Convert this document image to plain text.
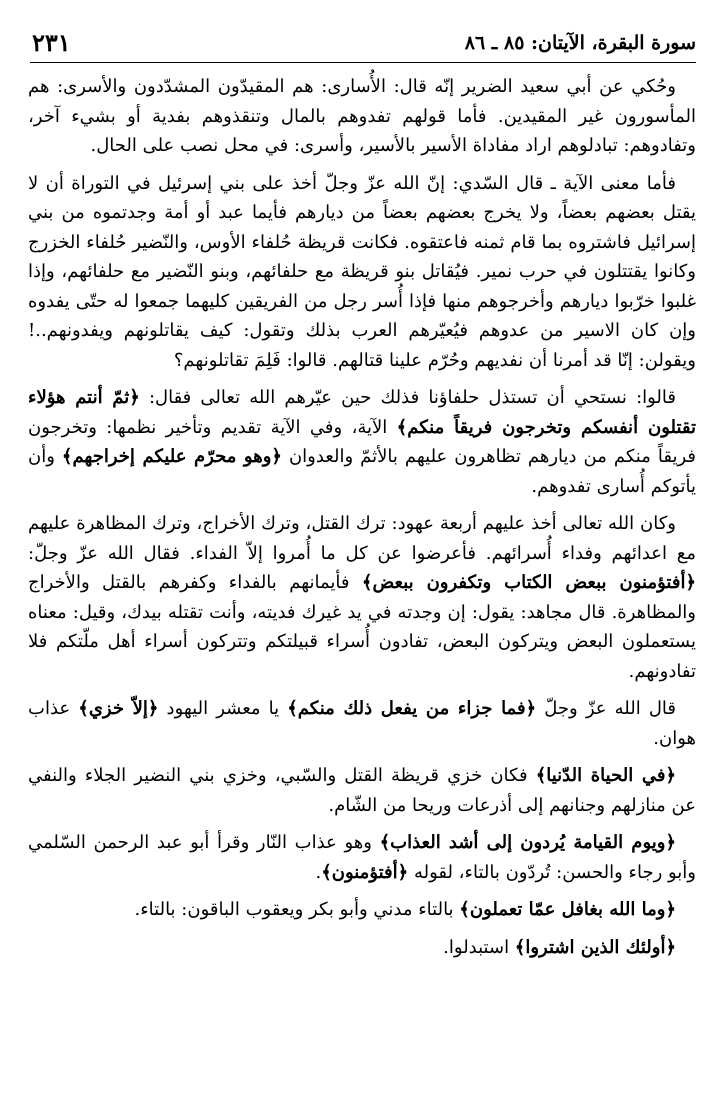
سورة البقرة، الآيتان: ٨٥ ـ ٨٦
٢٣١

وحُكي عن أبي سعيد الضرير إنّه قال: الأُسارى: هم المقيدّون المشدّدون والأسرى: هم المأسورون غير المقيدين. فأما قولهم تفدوهم بالمال وتنقذوهم بفدية أو بشيء آخر، وتفادوهم: تبادلوهم اراد مفاداة الأسير بالأسير، وأسرى: في محل نصب على الحال.

فأما معنى الآية ـ قال السّدي: إنّ الله عزّ وجلّ أخذ على بني إسرئيل في التوراة أن لا يقتل بعضهم بعضاً، ولا يخرج بعضهم بعضاً من ديارهم فأيما عبد أو أمة وجدتموه من بني إسرائيل فاشتروه بما قام ثمنه فاعتقوه. فكانت قريظة حُلفاء الأوس، والنّضير حُلفاء الخزرج وكانوا يقتتلون في حرب نمير. فيُقاتل بنو قريظة مع حلفائهم، وبنو النّضير مع حلفائهم، وإذا غلبوا خرّبوا ديارهم وأخرجوهم منها فإذا أُسر رجل من الفريقين كليهما جمعوا له حتّى يفدوه وإن كان الاسير من عدوهم فيُعيّرهم العرب بذلك وتقول: كيف يقاتلونهم ويفدونهم..! ويقولن: إنّا قد أمرنا أن نفديهم وحُرّم علينا قتالهم. قالوا: فَلِمَ تقاتلونهم؟

قالوا: نستحي أن تستذل حلفاؤنا فذلك حين عيّرهم الله تعالى فقال: ﴿ثمّ أنتم هؤلاء تقتلون أنفسكم وتخرجون فريقاً منكم﴾ الآية، وفي الآية تقديم وتأخير نظمها: وتخرجون فريقاً منكم من ديارهم تظاهرون عليهم بالأثمّ والعدوان ﴿وهو محرّم عليكم إخراجهم﴾ وأن يأتوكم أُسارى تفدوهم.

وكان الله تعالى أخذ عليهم أربعة عهود: ترك القتل، وترك الأخراج، وترك المظاهرة عليهم مع اعدائهم وفداء أُسرائهم. فأعرضوا عن كل ما أُمروا إلاّ الفداء. فقال الله عزّ وجلّ: ﴿أفتؤمنون ببعض الكتاب وتكفرون ببعض﴾ فأيمانهم بالفداء وكفرهم بالقتل والأخراج والمظاهرة. قال مجاهد: يقول: إن وجدته في يد غيرك فديته، وأنت تقتله بيدك، وقيل: معناه يستعملون البعض ويتركون البعض، تفادون أُسراء قبيلتكم وتتركون أسراء أهل ملّتكم فلا تفادونهم.

قال الله عزّ وجلّ ﴿فما جزاء من يفعل ذلك منكم﴾ يا معشر اليهود ﴿إلاّ خزي﴾ عذاب هوان.

﴿في الحياة الدّنيا﴾ فكان خزي قريظة القتل والسّبي، وخزي بني النضير الجلاء والنفي عن منازلهم وجنانهم إلى أذرعات وريحا من الشّام.

﴿ويوم القيامة يُردون إلى أشد العذاب﴾ وهو عذاب النّار وقرأ أبو عبد الرحمن السّلمي وأبو رجاء والحسن: تُردّون بالتاء، لقوله ﴿أفتؤمنون﴾.

﴿وما الله بغافل عمّا تعملون﴾ بالتاء مدني وأبو بكر ويعقوب الباقون: بالتاء.

﴿أولئك الذين اشتروا﴾ استبدلوا.
